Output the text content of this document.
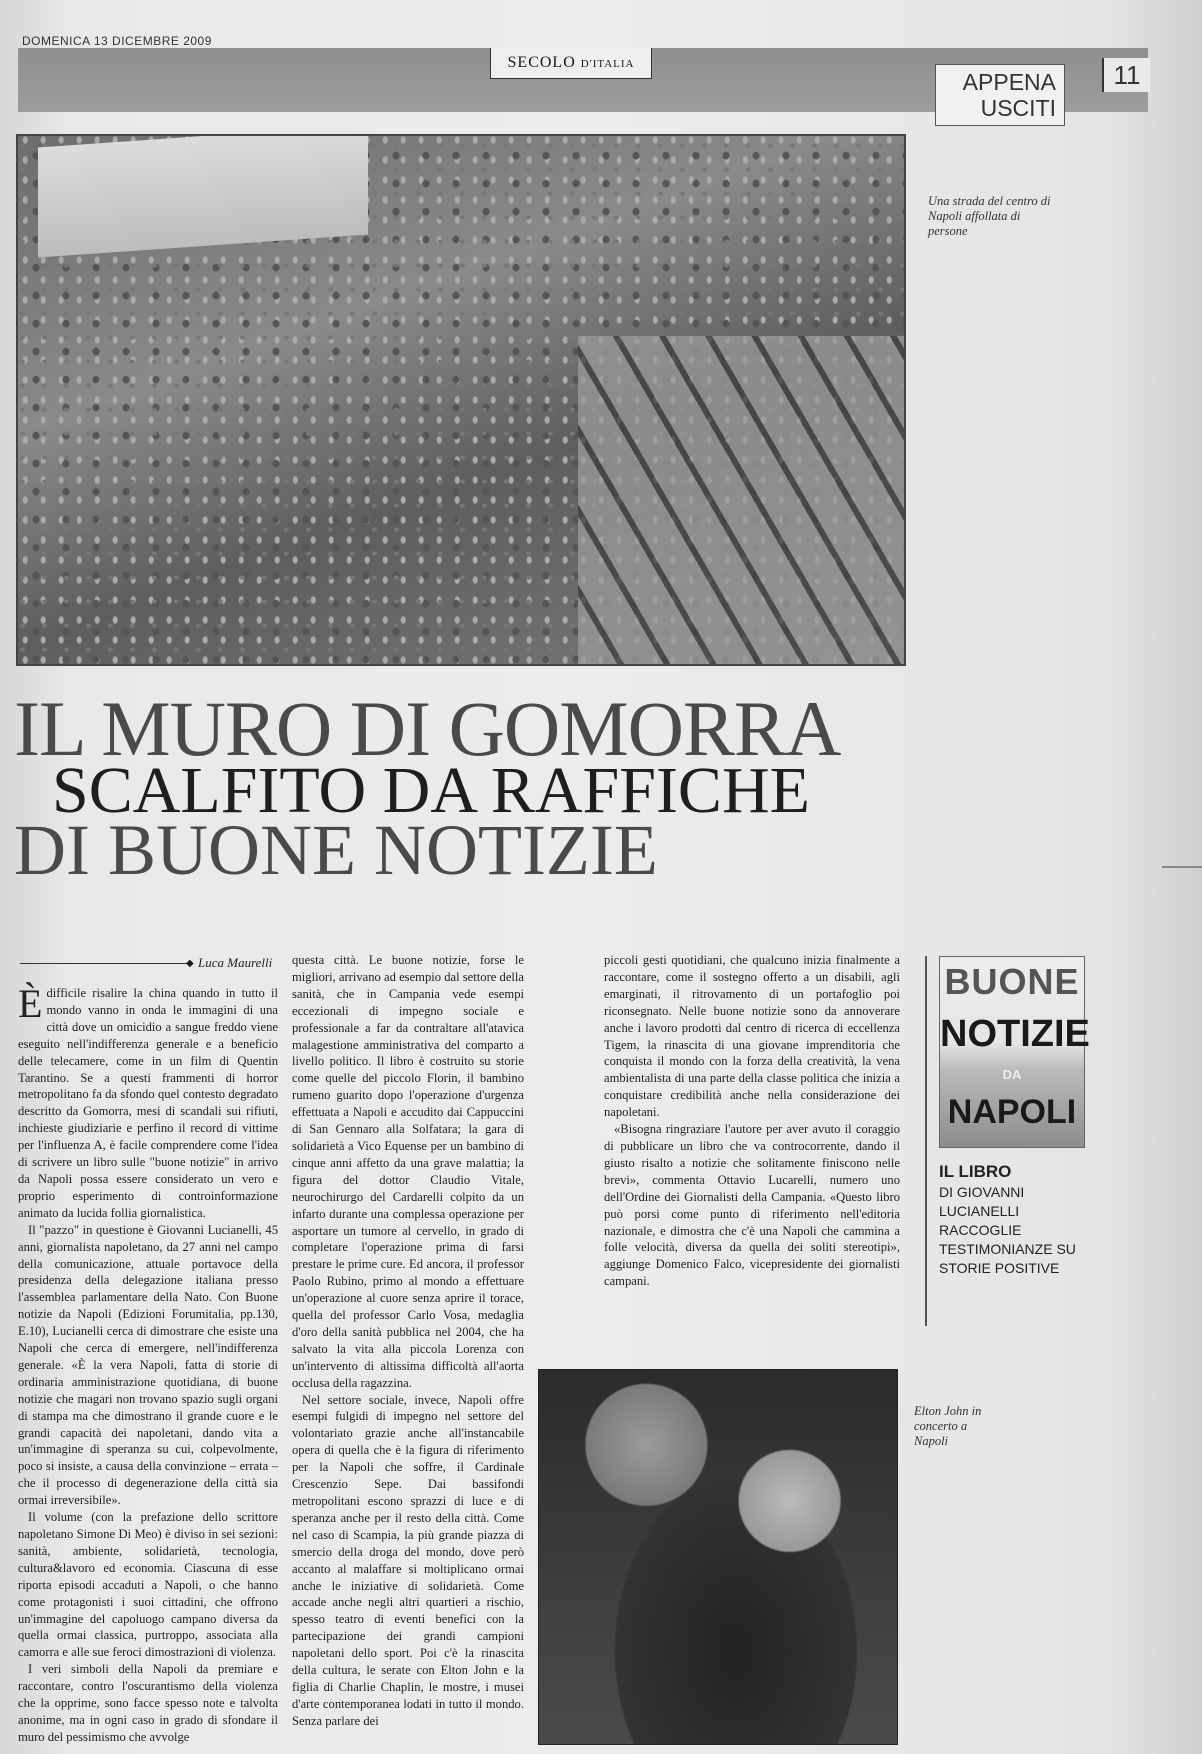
DOMENICA 13 DICEMBRE 2009
SECOLO D'ITALIA
APPENA
USCITI
11
Una strada del centro di Napoli affollata di persone
IL MURO DI GOMORRA
SCALFITO DA RAFFICHE
DI BUONE NOTIZIE
◆ Luca Maurelli
È difficile risalire la china quando in tutto il mondo vanno in onda le immagini di una città dove un omicidio a sangue freddo viene eseguito nell'indifferenza generale e a beneficio delle telecamere, come in un film di Quentin Tarantino. Se a questi frammenti di horror metropolitano fa da sfondo quel contesto degradato descritto da Gomorra, mesi di scandali sui rifiuti, inchieste giudiziarie e perfino il record di vittime per l'influenza A, è facile comprendere come l'idea di scrivere un libro sulle "buone notizie" in arrivo da Napoli possa essere considerato un vero e proprio esperimento di controinformazione animato da lucida follia giornalistica.

Il "pazzo" in questione è Giovanni Lucianelli, 45 anni, giornalista napoletano, da 27 anni nel campo della comunicazione, attuale portavoce della presidenza della delegazione italiana presso l'assemblea parlamentare della Nato. Con Buone notizie da Napoli (Edizioni Forumitalia, pp.130, E.10), Lucianelli cerca di dimostrare che esiste una Napoli che cerca di emergere, nell'indifferenza generale. «È la vera Napoli, fatta di storie di ordinaria amministrazione quotidiana, di buone notizie che magari non trovano spazio sugli organi di stampa ma che dimostrano il grande cuore e le grandi capacità dei napoletani, dando vita a un'immagine di speranza su cui, colpevolmente, poco si insiste, a causa della convinzione – errata – che il processo di degenerazione della città sia ormai irreversibile».

Il volume (con la prefazione dello scrittore napoletano Simone Di Meo) è diviso in sei sezioni: sanità, ambiente, solidarietà, tecnologia, cultura&lavoro ed economia. Ciascuna di esse riporta episodi accaduti a Napoli, o che hanno come protagonisti i suoi cittadini, che offrono un'immagine del capoluogo campano diversa da quella ormai classica, purtroppo, associata alla camorra e alle sue feroci dimostrazioni di violenza.

I veri simboli della Napoli da premiare e raccontare, contro l'oscurantismo della violenza che la opprime, sono facce spesso note e talvolta anonime, ma in ogni caso in grado di sfondare il muro del pessimismo che avvolge

questa città. Le buone notizie, forse le migliori, arrivano ad esempio dal settore della sanità, che in Campania vede esempi eccezionali di impegno sociale e professionale a far da contraltare all'atavica malagestione amministrativa del comparto a livello politico. Il libro è costruito su storie come quelle del piccolo Florin, il bambino rumeno guarito dopo l'operazione d'urgenza effettuata a Napoli e accudito dai Cappuccini di San Gennaro alla Solfatara; la gara di solidarietà a Vico Equense per un bambino di cinque anni affetto da una grave malattia; la figura del dottor Claudio Vitale, neurochirurgo del Cardarelli colpito da un infarto durante una complessa operazione per asportare un tumore al cervello, in grado di completare l'operazione prima di farsi prestare le prime cure. Ed ancora, il professor Paolo Rubino, primo al mondo a effettuare un'operazione al cuore senza aprire il torace, quella del professor Carlo Vosa, medaglia d'oro della sanità pubblica nel 2004, che ha salvato la vita alla piccola Lorenza con un'intervento di altissima difficoltà all'aorta occlusa della ragazzina.

Nel settore sociale, invece, Napoli offre esempi fulgidi di impegno nel settore del volontariato grazie anche all'instancabile opera di quella che è la figura di riferimento per la Napoli che soffre, il Cardinale Crescenzio Sepe. Dai bassifondi metropolitani escono sprazzi di luce e di speranza anche per il resto della città. Come nel caso di Scampia, la più grande piazza di smercio della droga del mondo, dove però accanto al malaffare si moltiplicano ormai anche le iniziative di solidarietà. Come accade anche negli altri quartieri a rischio, spesso teatro di eventi benefici con la partecipazione dei grandi campioni napoletani dello sport. Poi c'è la rinascita della cultura, le serate con Elton John e la figlia di Charlie Chaplin, le mostre, i musei d'arte contemporanea lodati in tutto il mondo. Senza parlare dei

piccoli gesti quotidiani, che qualcuno inizia finalmente a raccontare, come il sostegno offerto a un disabili, agli emarginati, il ritrovamento di un portafoglio poi riconsegnato. Nelle buone notizie sono da annoverare anche i lavoro prodotti dal centro di ricerca di eccellenza Tigem, la rinascita di una giovane imprenditoria che conquista il mondo con la forza della creatività, la vena ambientalista di una parte della classe politica che inizia a conquistare credibilità anche nella considerazione dei napoletani.

«Bisogna ringraziare l'autore per aver avuto il coraggio di pubblicare un libro che va controcorrente, dando il giusto risalto a notizie che solitamente finiscono nelle brevi», commenta Ottavio Lucarelli, numero uno dell'Ordine dei Giornalisti della Campania. «Questo libro può porsi come punto di riferimento nell'editoria nazionale, e dimostra che c'è una Napoli che cammina a folle velocità, diversa da quella dei soliti stereotipi», aggiunge Domenico Falco, vicepresidente dei giornalisti campani.

Elton John in concerto a Napoli
BUONE
NOTIZIE
DA
NAPOLI
IL LIBRO
DI GIOVANNI LUCIANELLI RACCOGLIE TESTIMONIANZE SU STORIE POSITIVE
